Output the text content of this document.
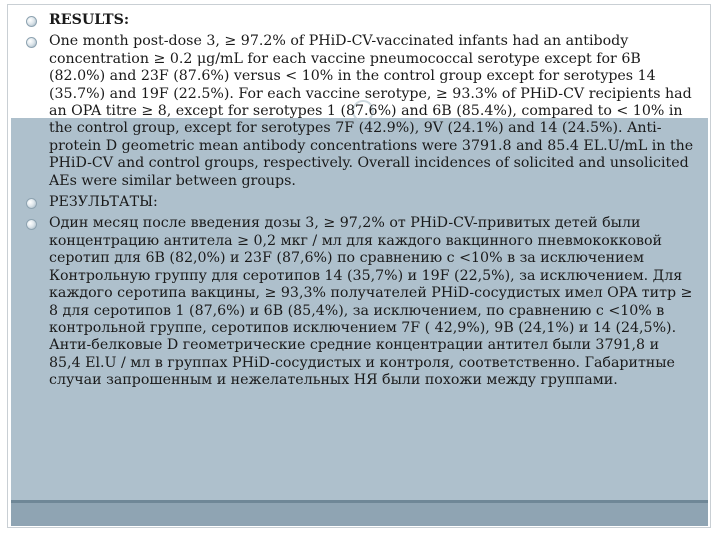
RESULTS:
One month post-dose 3, ≥ 97.2% of PHiD-CV-vaccinated infants had an antibody concentration ≥ 0.2 μg/mL for each vaccine pneumococcal serotype except for 6B (82.0%) and 23F (87.6%) versus < 10% in the control group except for serotypes 14 (35.7%) and 19F (22.5%). For each vaccine serotype, ≥ 93.3% of PHiD-CV recipients had an OPA titre ≥ 8, except for serotypes 1 (87.6%) and 6B (85.4%), compared to < 10% in the control group, except for serotypes 7F (42.9%), 9V (24.1%) and 14 (24.5%). Anti-protein D geometric mean antibody concentrations were 3791.8 and 85.4 EL.U/mL in the PHiD-CV and control groups, respectively. Overall incidences of solicited and unsolicited AEs were similar between groups.
РЕЗУЛЬТАТЫ:
Один месяц после введения дозы 3, ≥ 97,2% от PHiD-CV-привитых детей были концентрацию антитела ≥ 0,2 мкг / мл для каждого вакцинного пневмококковой серотип для 6B (82,0%) и 23F (87,6%) по сравнению с <10% в за исключением Контрольную группу для серотипов 14 (35,7%) и 19F (22,5%), за исключением. Для каждого серотипа вакцины, ≥ 93,3% получателей PHiD-сосудистых имел OPA титр ≥ 8 для серотипов 1 (87,6%) и 6B (85,4%), за исключением, по сравнению с <10% в контрольной группе, серотипов исключением 7F ( 42,9%), 9В (24,1%) и 14 (24,5%). Анти-белковые D геометрические средние концентрации антител были 3791,8 и 85,4 El.U / мл в группах PHiD-сосудистых и контроля, соответственно. Габаритные случаи запрошенным и нежелательных НЯ были похожи между группами.
